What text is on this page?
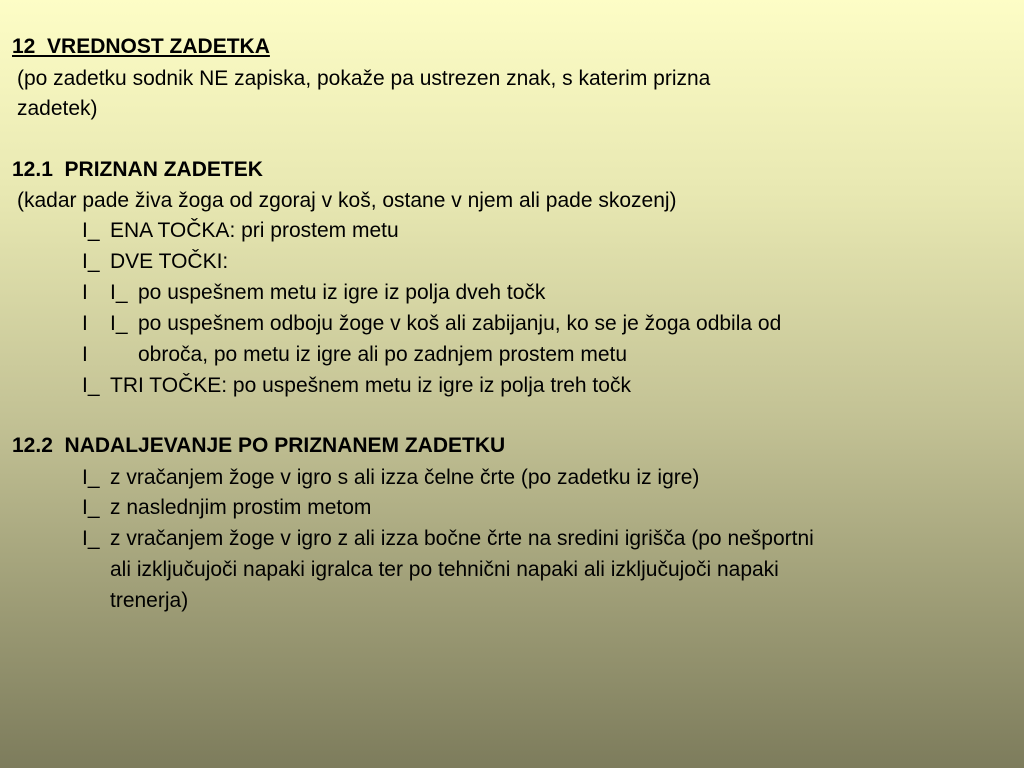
12  VREDNOST ZADETKA
(po zadetku sodnik NE zapiska, pokaže pa ustrezen znak, s katerim prizna
zadetek)
12.1  PRIZNAN ZADETEK
(kadar pade živa žoga od zgoraj v koš, ostane v njem ali pade skozenj)
I_ ENA TOČKA: pri prostem metu
I_ DVE TOČKI:
I I_ po uspešnem metu iz igre iz polja dveh točk
I I_ po uspešnem odboju žoge v koš ali zabijanju, ko se je žoga odbila od
I obroča, po metu iz igre ali po zadnjem prostem metu
I_ TRI TOČKE: po uspešnem metu iz igre iz polja treh točk
12.2  NADALJEVANJE PO PRIZNANEM ZADETKU
I_ z vračanjem žoge v igro s ali izza čelne črte (po zadetku iz igre)
I_ z naslednjim prostim metom
I_ z vračanjem žoge v igro z ali izza bočne črte na sredini igrišča (po nešportni
ali izključujoči napaki igralca ter po tehnični napaki ali izključujoči napaki
trenerja)
